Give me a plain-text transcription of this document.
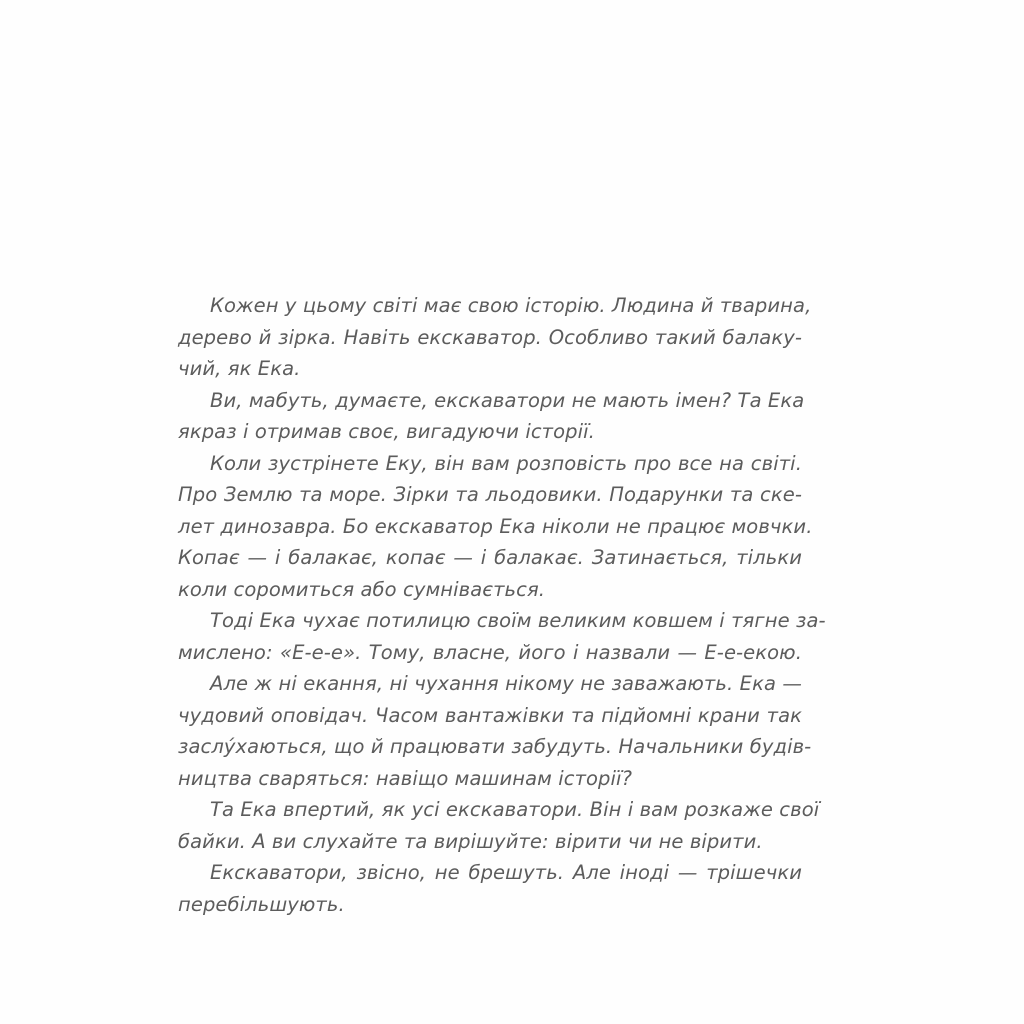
Кожен у цьому світі має свою історію. Людина й тварина,
дерево й зірка. Навіть екскаватор. Особливо такий балаку-
чий, як Ека.
Ви, мабуть, думаєте, екскаватори не мають імен? Та Ека
якраз і отримав своє, вигадуючи історії.
Коли зустрінете Еку, він вам розповість про все на світі.
Про Землю та море. Зірки та льодовики. Подарунки та ске-
лет динозавра. Бо екскаватор Ека ніколи не працює мовчки.
Копає — і балакає, копає — і балакає. Затинається, тільки
коли соромиться або сумнівається.
Тоді Ека чухає потилицю своїм великим ковшем і тягне за-
мислено: «Е-е-е». Тому, власне, його і назвали — Е-е-екою.
Але ж ні екання, ні чухання нікому не заважають. Ека —
чудовий оповідач. Часом вантажівки та підйомні крани так
заслу́хаються, що й працювати забудуть. Начальники будів-
ництва сваряться: навіщо машинам історії?
Та Ека впертий, як усі екскаватори. Він і вам розкаже свої
байки. А ви слухайте та вирішуйте: вірити чи не вірити.
Екскаватори, звісно, не брешуть. Але іноді — трішечки
перебільшують.
